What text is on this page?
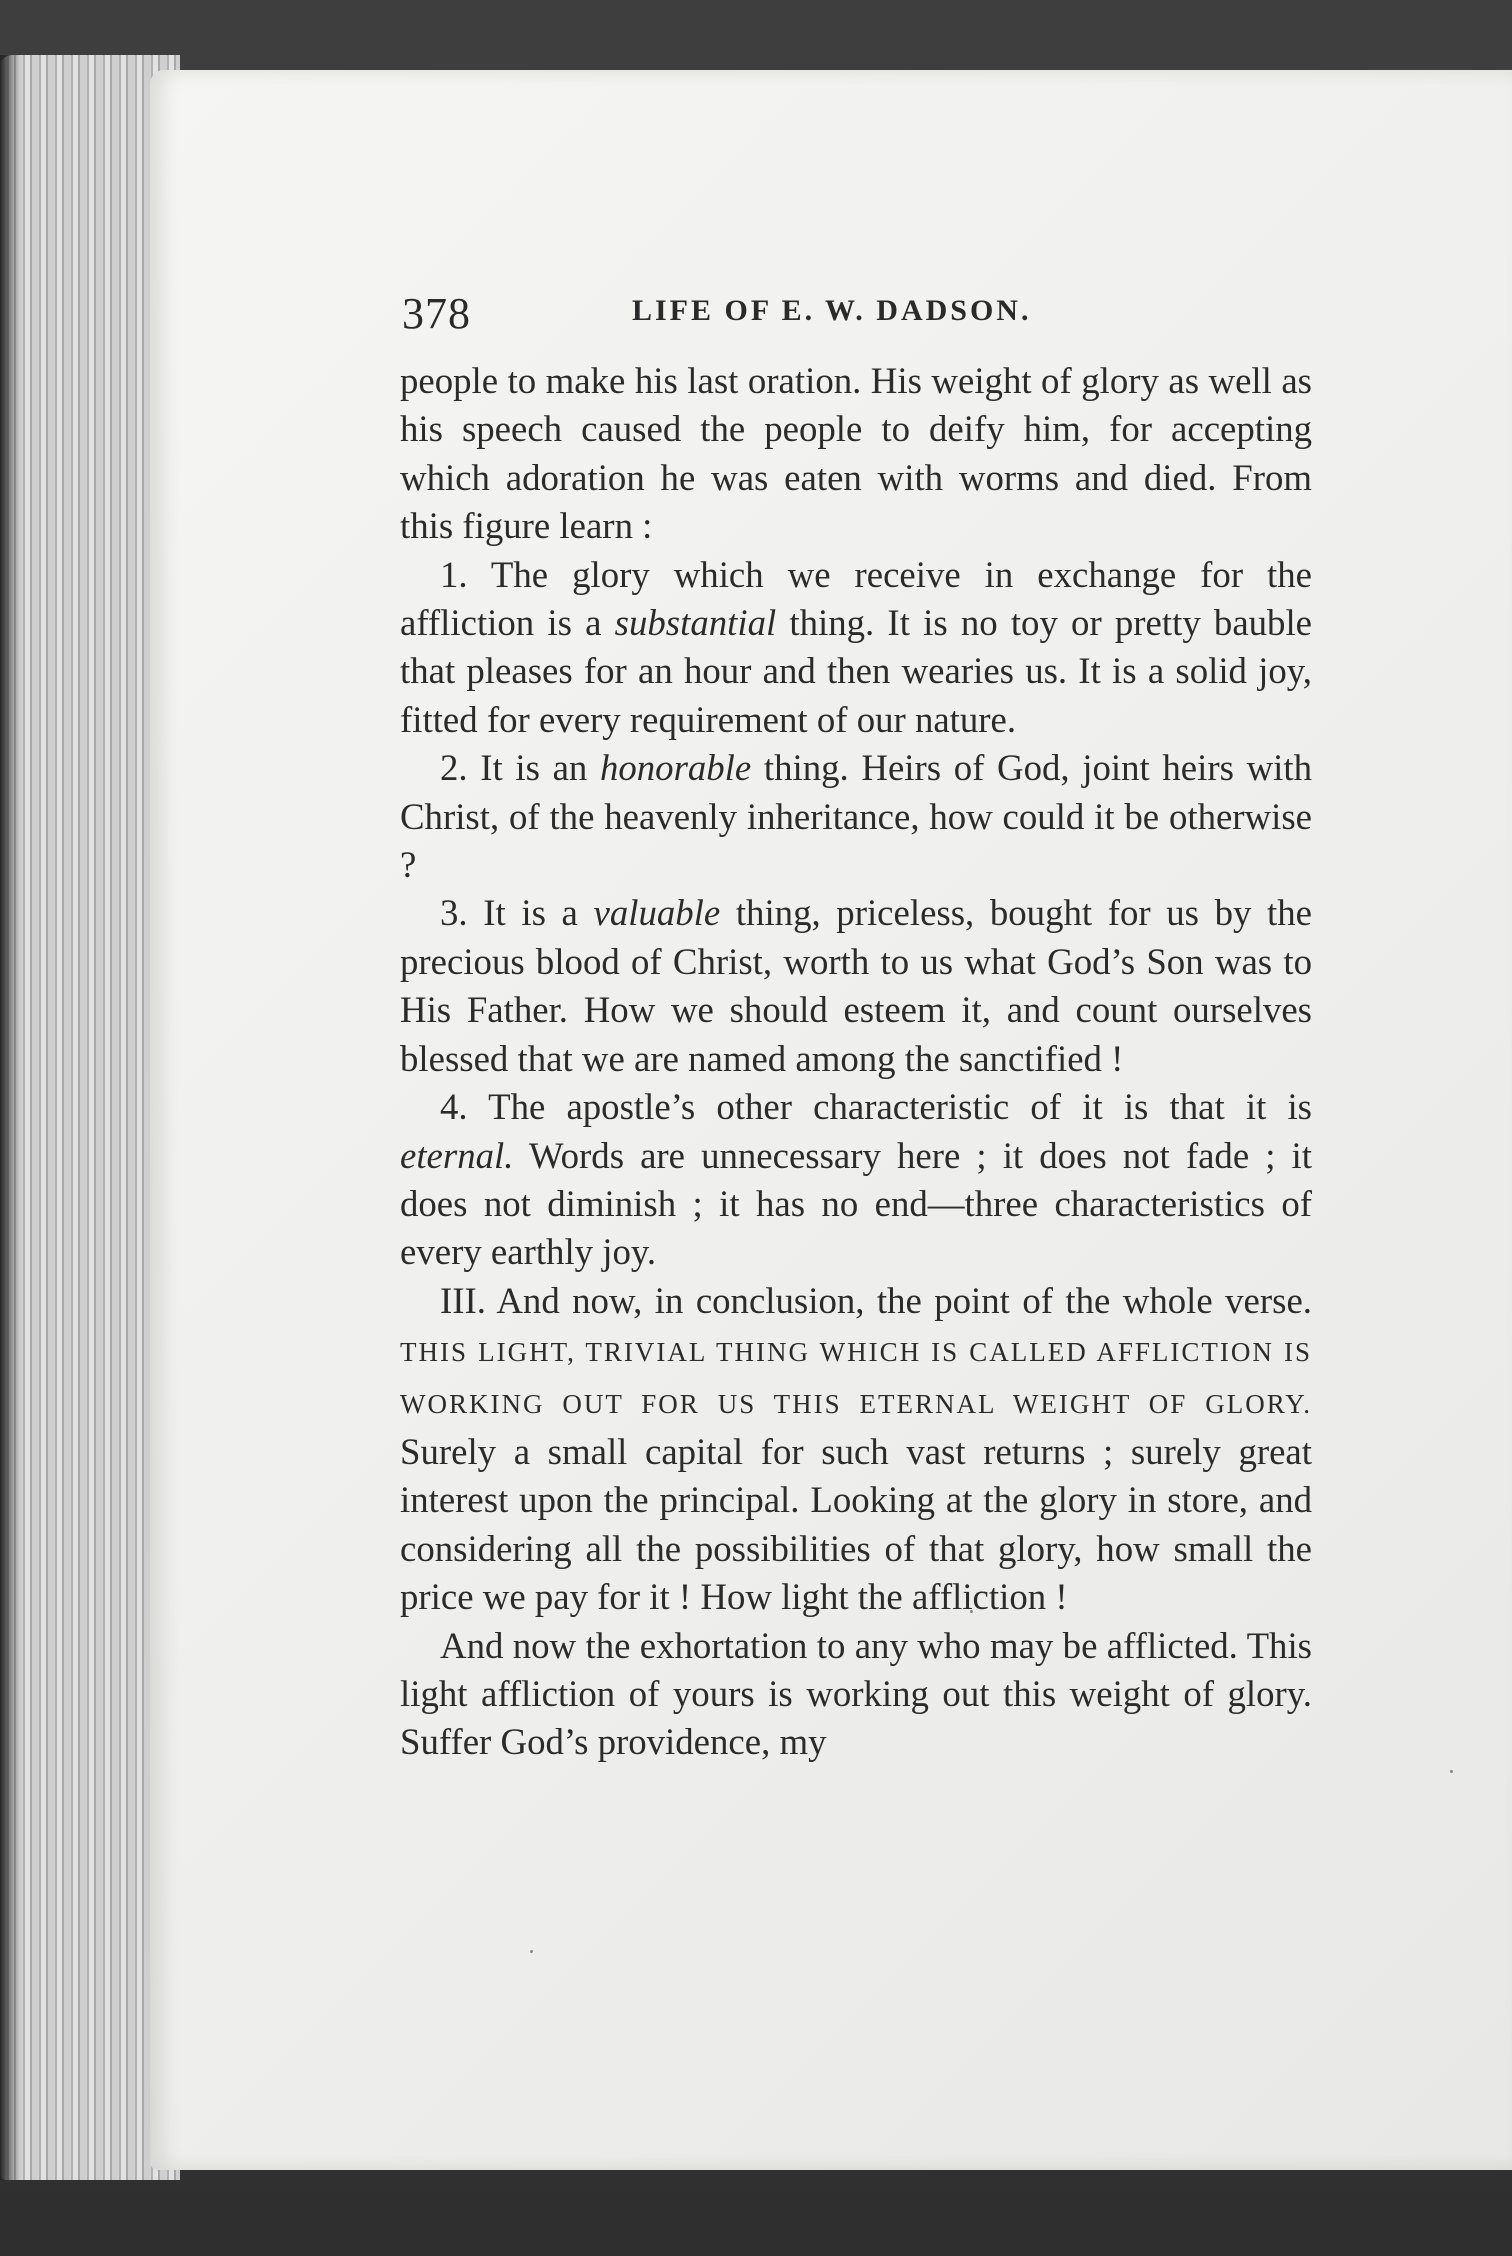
378	LIFE OF E. W. DADSON.

people to make his last oration. His weight of glory as well as his speech caused the people to deify him, for accepting which adoration he was eaten with worms and died. From this figure learn :

1. The glory which we receive in exchange for the affliction is a substantial thing. It is no toy or pretty bauble that pleases for an hour and then wearies us. It is a solid joy, fitted for every requirement of our nature.

2. It is an honorable thing. Heirs of God, joint heirs with Christ, of the heavenly inheritance, how could it be otherwise ?

3. It is a valuable thing, priceless, bought for us by the precious blood of Christ, worth to us what God’s Son was to His Father. How we should esteem it, and count ourselves blessed that we are named among the sanctified !

4. The apostle’s other characteristic of it is that it is eternal. Words are unnecessary here ; it does not fade ; it does not diminish ; it has no end—three characteristics of every earthly joy.

III. And now, in conclusion, the point of the whole verse. THIS LIGHT, TRIVIAL THING WHICH IS CALLED AFFLICTION IS WORKING OUT FOR US THIS ETERNAL WEIGHT OF GLORY. Surely a small capital for such vast returns ; surely great interest upon the principal. Looking at the glory in store, and considering all the possibilities of that glory, how small the price we pay for it ! How light the affliction !

And now the exhortation to any who may be afflicted. This light affliction of yours is working out this weight of glory. Suffer God’s providence, my
